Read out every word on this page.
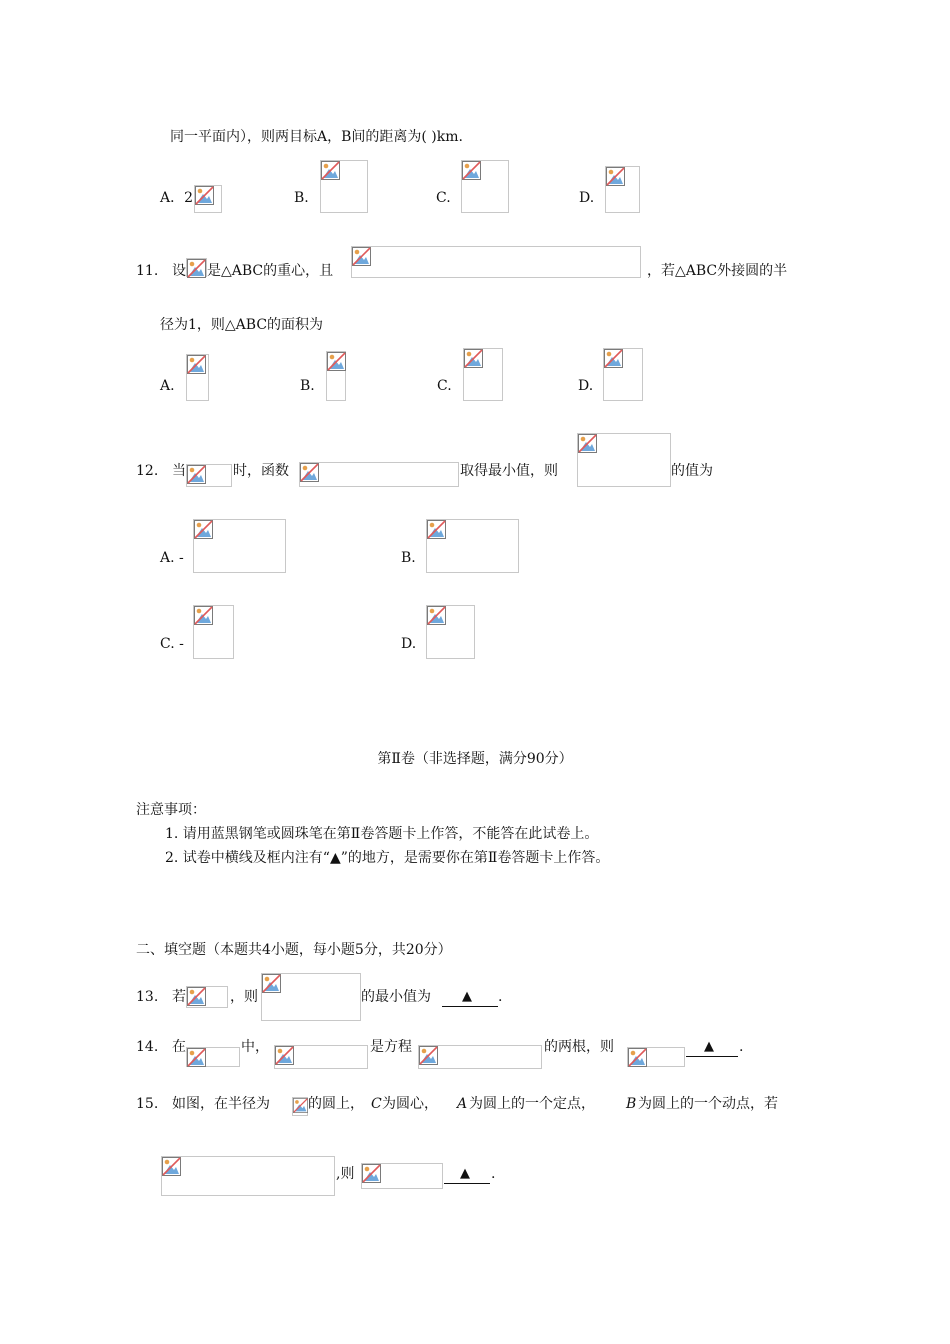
同一平面内），则两目标A，B间的距离为( )km.
A．2	B.	C.	D.
11. 设 是△ABC的重心，且	，若△ABC外接圆的半
径为1，则△ABC的面积为
A.	B.	C.	D.
12. 当	时，函数	取得最小值，则	的值为
A. -	B.
C. -	D.
第Ⅱ卷（非选择题，满分90分）
注意事项：
1. 请用蓝黑钢笔或圆珠笔在第Ⅱ卷答题卡上作答，不能答在此试卷上。
2. 试卷中横线及框内注有“▲”的地方，是需要你在第Ⅱ卷答题卡上作答。
二、填空题（本题共4小题，每小题5分，共20分）
13. 若	，则	的最小值为 ▲ .
14. 在	中，	是方程	的两根，则	▲ .
15. 如图，在半径为	的圆上， C 为圆心， A 为圆上的一个定点， B 为圆上的一个动点，若
,则	▲ .
